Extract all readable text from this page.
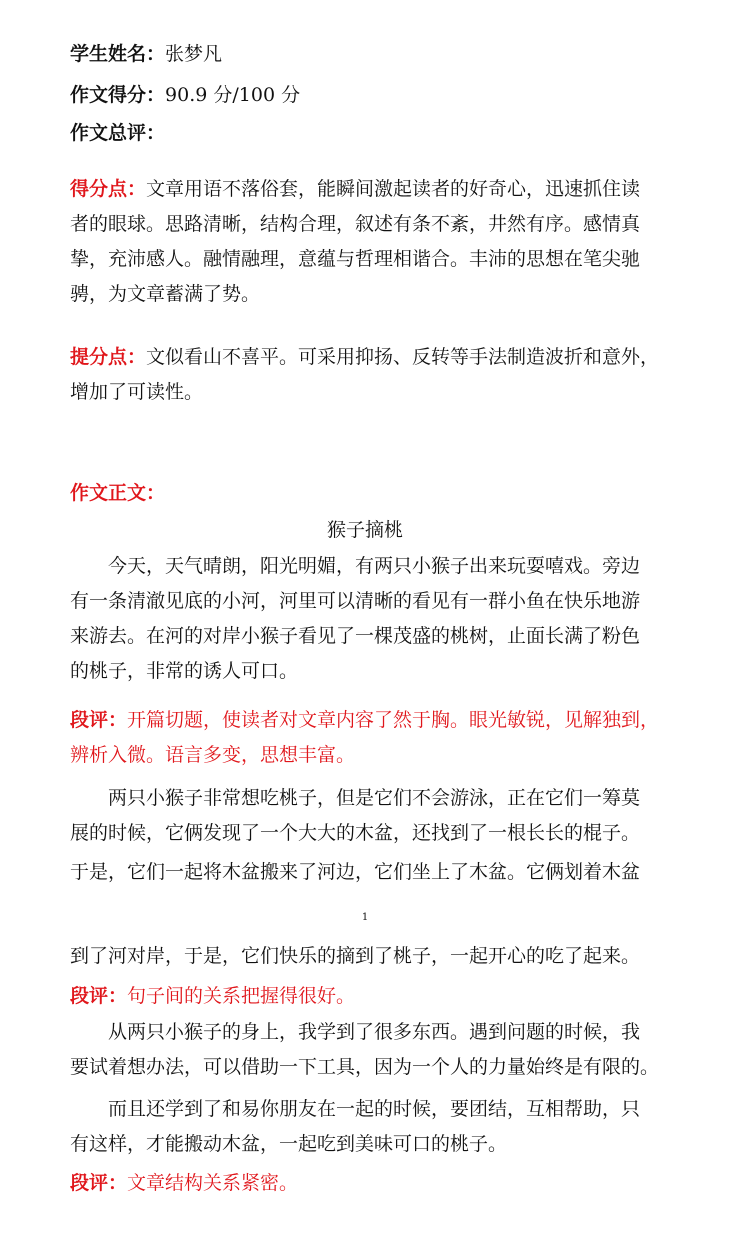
学生姓名：张梦凡
作文得分：90.9 分/100 分
作文总评：
得分点：文章用语不落俗套，能瞬间激起读者的好奇心，迅速抓住读
者的眼球。思路清晰，结构合理，叙述有条不紊，井然有序。感情真
挚，充沛感人。融情融理，意蕴与哲理相谐合。丰沛的思想在笔尖驰
骋，为文章蓄满了势。
提分点：文似看山不喜平。可采用抑扬、反转等手法制造波折和意外，
增加了可读性。
作文正文：
猴子摘桃
今天，天气晴朗，阳光明媚，有两只小猴子出来玩耍嘻戏。旁边
有一条清澈见底的小河，河里可以清晰的看见有一群小鱼在快乐地游
来游去。在河的对岸小猴子看见了一棵茂盛的桃树，止面长满了粉色
的桃子，非常的诱人可口。
段评：开篇切题，使读者对文章内容了然于胸。眼光敏锐，见解独到，
辨析入微。语言多变，思想丰富。
两只小猴子非常想吃桃子，但是它们不会游泳，正在它们一筹莫
展的时候，它俩发现了一个大大的木盆，还找到了一根长长的棍子。
于是，它们一起将木盆搬来了河边，它们坐上了木盆。它俩划着木盆
1
到了河对岸，于是，它们快乐的摘到了桃子，一起开心的吃了起来。
段评：句子间的关系把握得很好。
从两只小猴子的身上，我学到了很多东西。遇到问题的时候，我
要试着想办法，可以借助一下工具，因为一个人的力量始终是有限的。
而且还学到了和易你朋友在一起的时候，要团结，互相帮助，只
有这样，才能搬动木盆，一起吃到美味可口的桃子。
段评：文章结构关系紧密。
